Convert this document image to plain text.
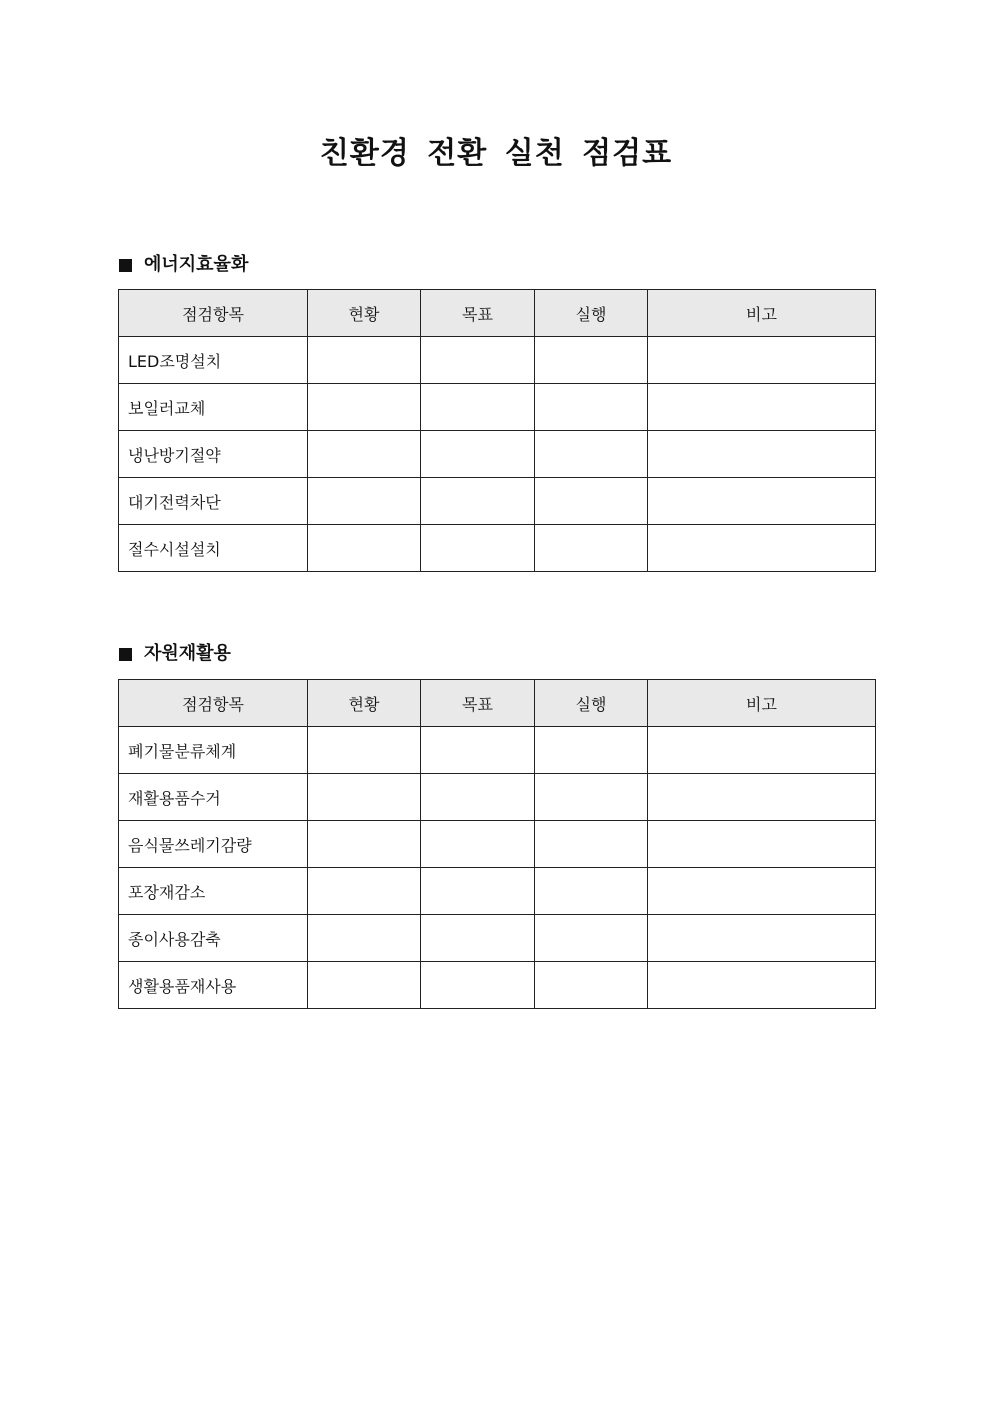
친환경 전환 실천 점검표
에너지효율화
점검항목	현황	목표	실행	비고
LED조명설치				
보일러교체				
냉난방기절약				
대기전력차단				
절수시설설치				
자원재활용
점검항목	현황	목표	실행	비고
폐기물분류체계				
재활용품수거				
음식물쓰레기감량				
포장재감소				
종이사용감축				
생활용품재사용				
